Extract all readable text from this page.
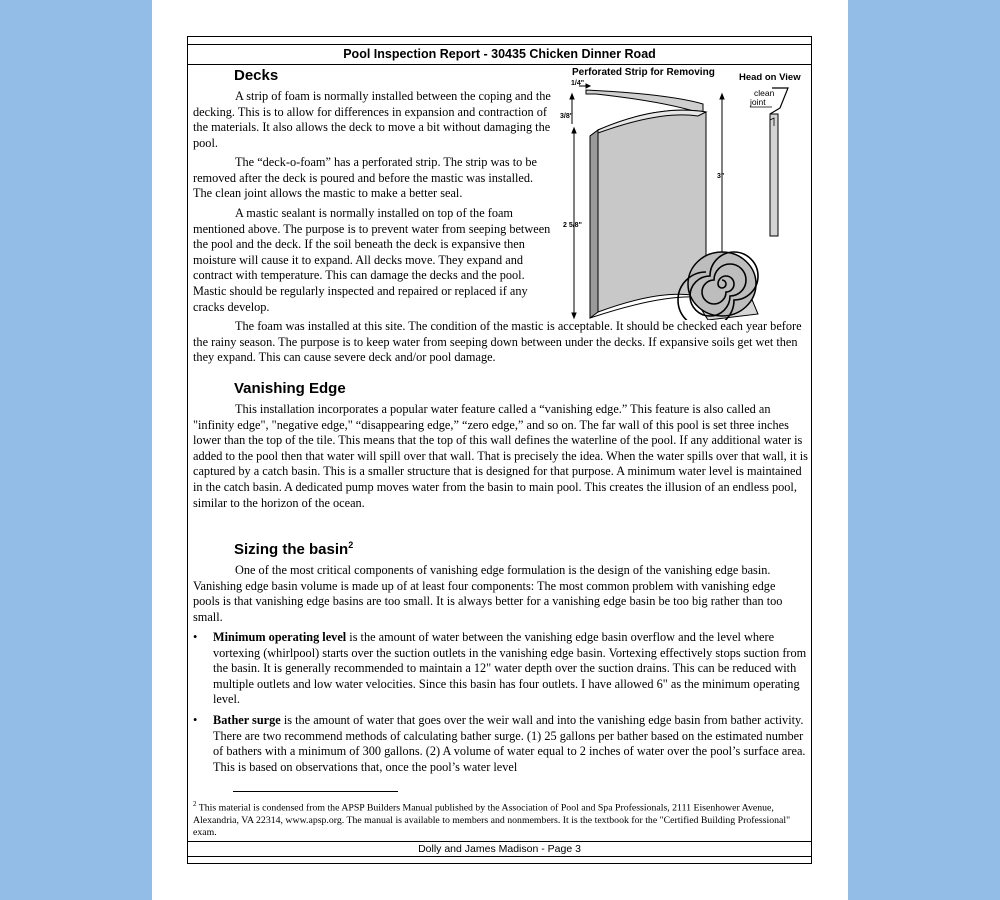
Pool Inspection Report - 30435 Chicken Dinner Road
Decks

A strip of foam is normally installed between the coping and the decking. This is to allow for differences in expansion and contraction of the materials. It also allows the deck to move a bit without damaging the pool.

The “deck-o-foam” has a perforated strip. The strip was to be removed after the deck is poured and before the mastic was installed. The clean joint allows the mastic to make a better seal.

A mastic sealant is normally installed on top of the foam mentioned above. The purpose is to prevent water from seeping between the pool and the deck. If the soil beneath the deck is expansive then moisture will cause it to expand. All decks move. They expand and contract with temperature. This can damage the decks and the pool. Mastic should be regularly inspected and repaired or replaced if any cracks develop.

The foam was installed at this site. The condition of the mastic is acceptable. It should be checked each year before the rainy season. The purpose is to keep water from seeping down between under the decks. If expansive soils get wet then they expand. This can cause severe deck and/or pool damage.

Perforated Strip for Removing	Head on View
1/4"
3/8"
3"
2 5/8"
clean
joint
Vanishing Edge

This installation incorporates a popular water feature called a “vanishing edge.” This feature is also called an "infinity edge", "negative edge," “disappearing edge,” “zero edge,” and so on. The far wall of this pool is set three inches lower than the top of the tile. This means that the top of this wall defines the waterline of the pool. If any additional water is added to the pool then that water will spill over that wall. That is precisely the idea. When the water spills over that wall, it is captured by a catch basin. This is a smaller structure that is designed for that purpose. A minimum water level is maintained in the catch basin. A dedicated pump moves water from the basin to main pool. This creates the illusion of an endless pool, similar to the horizon of the ocean.

Sizing the basin$^2$

One of the most critical components of vanishing edge formulation is the design of the vanishing edge basin. Vanishing edge basin volume is made up of at least four components: The most common problem with vanishing edge pools is that vanishing edge basins are too small. It is always better for a vanishing edge basin be too big rather than too small.

• Minimum operating level is the amount of water between the vanishing edge basin overflow and the level where vortexing (whirlpool) starts over the suction outlets in the vanishing edge basin. Vortexing effectively stops suction from the basin. It is generally recommended to maintain a 12" water depth over the suction drains. This can be reduced with multiple outlets and low water velocities. Since this basin has four outlets. I have allowed 6" as the minimum operating level.
• Bather surge is the amount of water that goes over the weir wall and into the vanishing edge basin from bather activity. There are two recommend methods of calculating bather surge. (1) 25 gallons per bather based on the estimated number of bathers with a minimum of 300 gallons. (2) A volume of water equal to 2 inches of water over the pool’s surface area. This is based on observations that, once the pool’s water level
$^2$ This material is condensed from the APSP Builders Manual published by the Association of Pool and Spa Professionals, 2111 Eisenhower Avenue, Alexandria, VA 22314, www.apsp.org. The manual is available to members and nonmembers. It is the textbook for the "Certified Building Professional" exam.
Dolly and James Madison - Page 3
